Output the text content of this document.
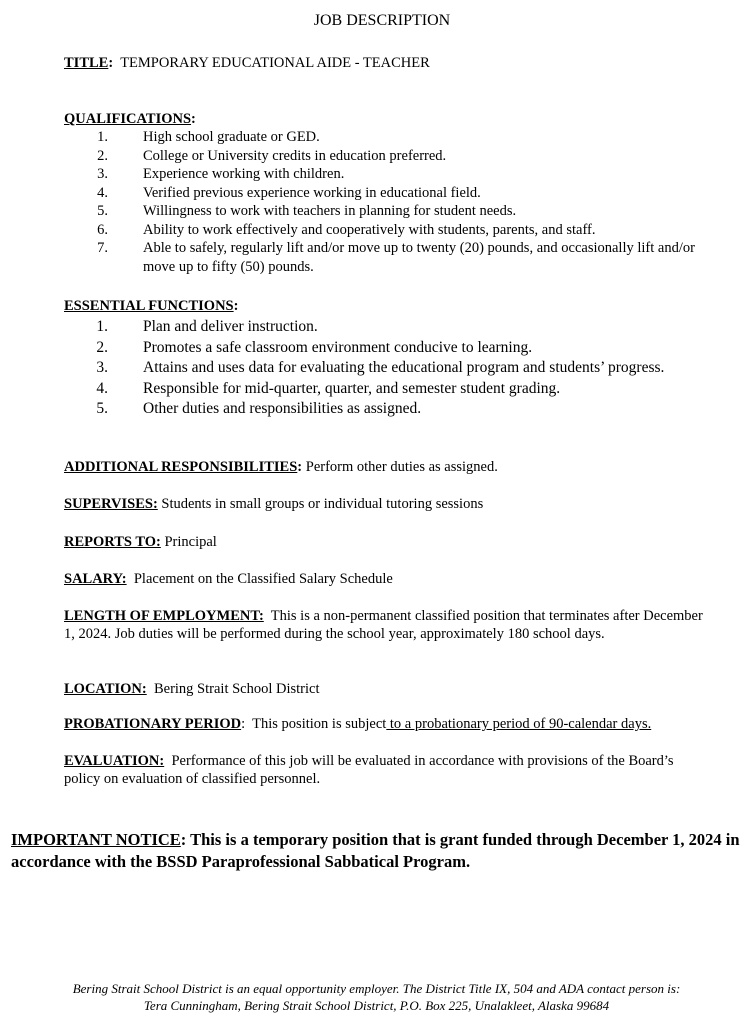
JOB DESCRIPTION
TITLE: TEMPORARY EDUCATIONAL AIDE - TEACHER
QUALIFICATIONS:
1. High school graduate or GED.
2. College or University credits in education preferred.
3. Experience working with children.
4. Verified previous experience working in educational field.
5. Willingness to work with teachers in planning for student needs.
6. Ability to work effectively and cooperatively with students, parents, and staff.
7. Able to safely, regularly lift and/or move up to twenty (20) pounds, and occasionally lift and/or move up to fifty (50) pounds.
ESSENTIAL FUNCTIONS:
1. Plan and deliver instruction.
2. Promotes a safe classroom environment conducive to learning.
3. Attains and uses data for evaluating the educational program and students’ progress.
4. Responsible for mid-quarter, quarter, and semester student grading.
5. Other duties and responsibilities as assigned.
ADDITIONAL RESPONSIBILITIES: Perform other duties as assigned.
SUPERVISES: Students in small groups or individual tutoring sessions
REPORTS TO: Principal
SALARY: Placement on the Classified Salary Schedule
LENGTH OF EMPLOYMENT: This is a non-permanent classified position that terminates after December 1, 2024. Job duties will be performed during the school year, approximately 180 school days.
LOCATION: Bering Strait School District
PROBATIONARY PERIOD:  This position is subject to a probationary period of 90-calendar days.
EVALUATION: Performance of this job will be evaluated in accordance with provisions of the Board’s policy on evaluation of classified personnel.
IMPORTANT NOTICE: This is a temporary position that is grant funded through December 1, 2024 in accordance with the BSSD Paraprofessional Sabbatical Program.
Bering Strait School District is an equal opportunity employer. The District Title IX, 504 and ADA contact person is:
Tera Cunningham, Bering Strait School District, P.O. Box 225, Unalakleet, Alaska 99684
